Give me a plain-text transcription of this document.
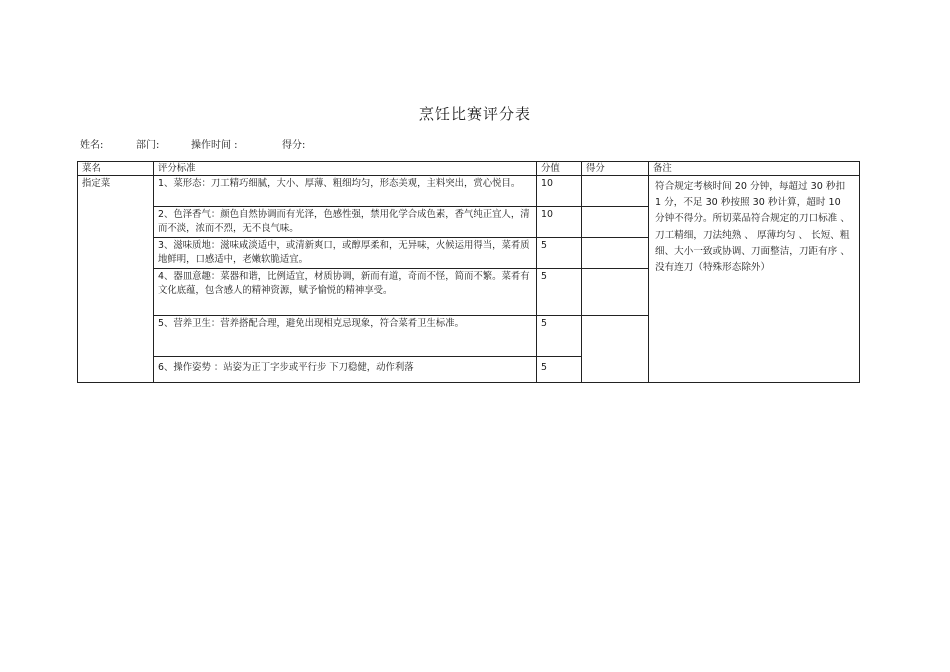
烹饪比赛评分表
姓名:	部门:	操作时间 :	得分:
菜名	评分标准	分值	得分	备注
指定菜	1、菜形态：刀工精巧细腻，大小、厚薄、粗细均匀，形态美观，主料突出，赏心悦目。	10		符合规定考核时间 20 分钟，每超过 30 秒扣 1 分，不足 30 秒按照 30 秒计算，超时 10 分钟不得分。所切菜品符合规定的刀口标准 、刀工精细，刀法纯熟 、 厚薄均匀 、 长短、粗细、大小一致或协调、刀面整洁，刀距有序 、 没有连刀（特殊形态除外）
	2、色泽香气：颜色自然协调而有光泽，色感性强，禁用化学合成色素，香气纯正宜人，清而不淡，浓而不烈，无不良气味。	10		
	3、滋味质地：滋味咸淡适中，或清新爽口，或醇厚柔和，无异味，火候运用得当，菜肴质地鲜明，口感适中，老嫩软脆适宜。	5		
	4、器皿意趣：菜器和谐，比例适宜，材质协调，新而有道，奇而不怪，简而不繁。菜肴有文化底蕴，包含感人的精神资源，赋予愉悦的精神享受。	5		
	5、营养卫生：营养搭配合理，避免出现相克忌现象，符合菜肴卫生标准。	5		
	6、操作姿势 ：站姿为正丁字步或平行步 下刀稳健，动作利落	5		
